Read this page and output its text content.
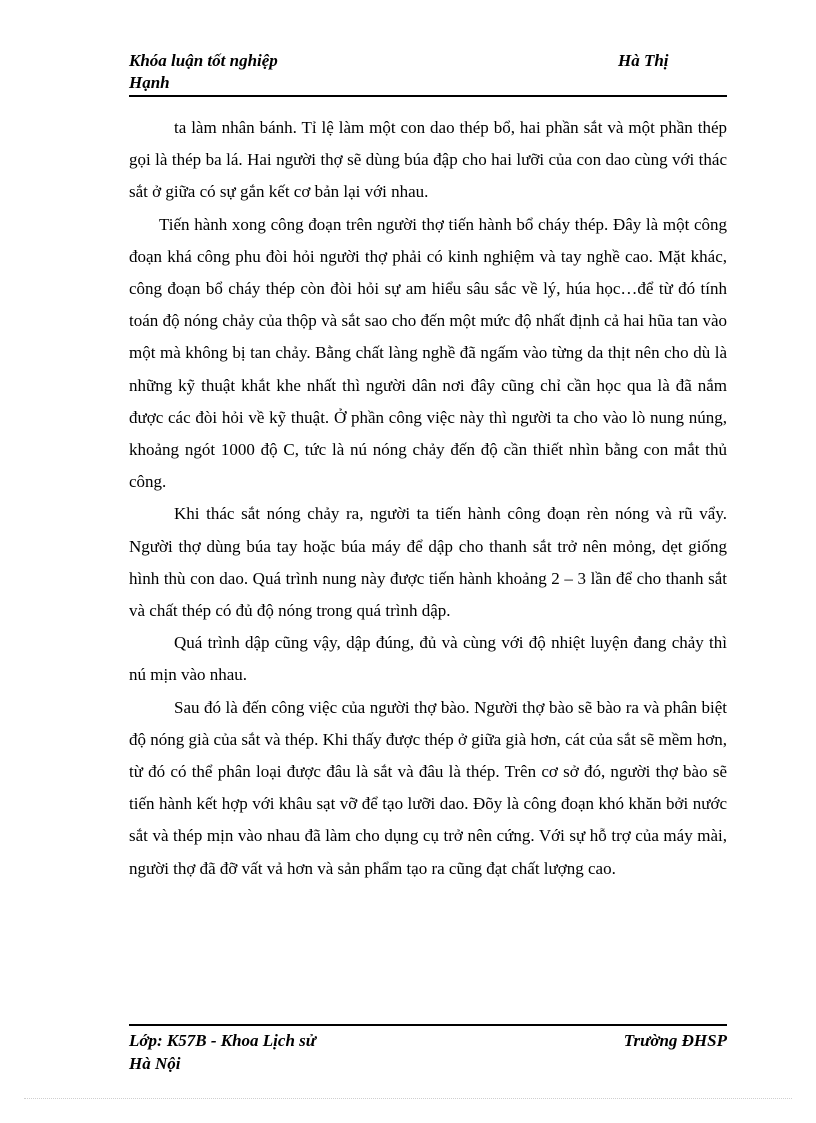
Khóa luận tốt nghiệp	Hà Thị
Hạnh

ta làm nhân bánh. Tỉ lệ làm một con dao thép bổ, hai phần sắt và một phần thép gọi là thép ba lá. Hai người thợ sẽ dùng búa đập cho hai lưỡi của con dao cùng với thác sắt ở giữa có sự gắn kết cơ bản lại với nhau.

Tiến hành xong công đoạn trên người thợ tiến hành bổ cháy thép. Đây là một công đoạn khá công phu đòi hỏi người thợ phải có kinh nghiệm và tay nghề cao. Mặt khác, công đoạn bổ cháy thép còn đòi hỏi sự am hiểu sâu sắc về lý, húa học…để từ đó tính toán độ nóng chảy của thộp và sắt sao cho đến một mức độ nhất định cả hai hũa tan vào một mà không bị tan chảy. Bằng chất làng nghề đã ngấm vào từng da thịt nên cho dù là những kỹ thuật khắt khe nhất thì người dân nơi đây cũng chỉ cần học qua là đã nắm được các đòi hỏi về kỹ thuật. Ở phần công việc này thì người ta cho vào lò nung núng, khoảng ngót 1000 độ C, tức là nú nóng chảy đến độ cần thiết nhìn bằng con mắt thủ công.

Khi thác sắt nóng chảy ra, người ta tiến hành công đoạn rèn nóng và rũ vẩy. Người thợ dùng búa tay hoặc búa máy để dập cho thanh sắt trở nên mỏng, dẹt giống hình thù con dao. Quá trình nung này được tiến hành khoảng 2 – 3 lần để cho thanh sắt và chất thép có đủ độ nóng trong quá trình dập.

Quá trình dập cũng vậy, dập đúng, đủ và cùng với độ nhiệt luyện đang chảy thì nú mịn vào nhau.

Sau đó là đến công việc của người thợ bào. Người thợ bào sẽ bào ra và phân biệt độ nóng già của sắt và thép. Khi thấy được thép ở giữa già hơn, cát của sắt sẽ mềm hơn, từ đó có thể phân loại được đâu là sắt và đâu là thép. Trên cơ sở đó, người thợ bào sẽ tiến hành kết hợp với khâu sạt vỡ để tạo lưỡi dao. Đõy là công đoạn khó khăn bởi nước sắt và thép mịn vào nhau đã làm cho dụng cụ trở nên cứng. Với sự hỗ trợ của máy mài, người thợ đã đỡ vất vả hơn và sản phẩm tạo ra cũng đạt chất lượng cao.

Lớp: K57B - Khoa Lịch sử	Trường ĐHSP
Hà Nội
